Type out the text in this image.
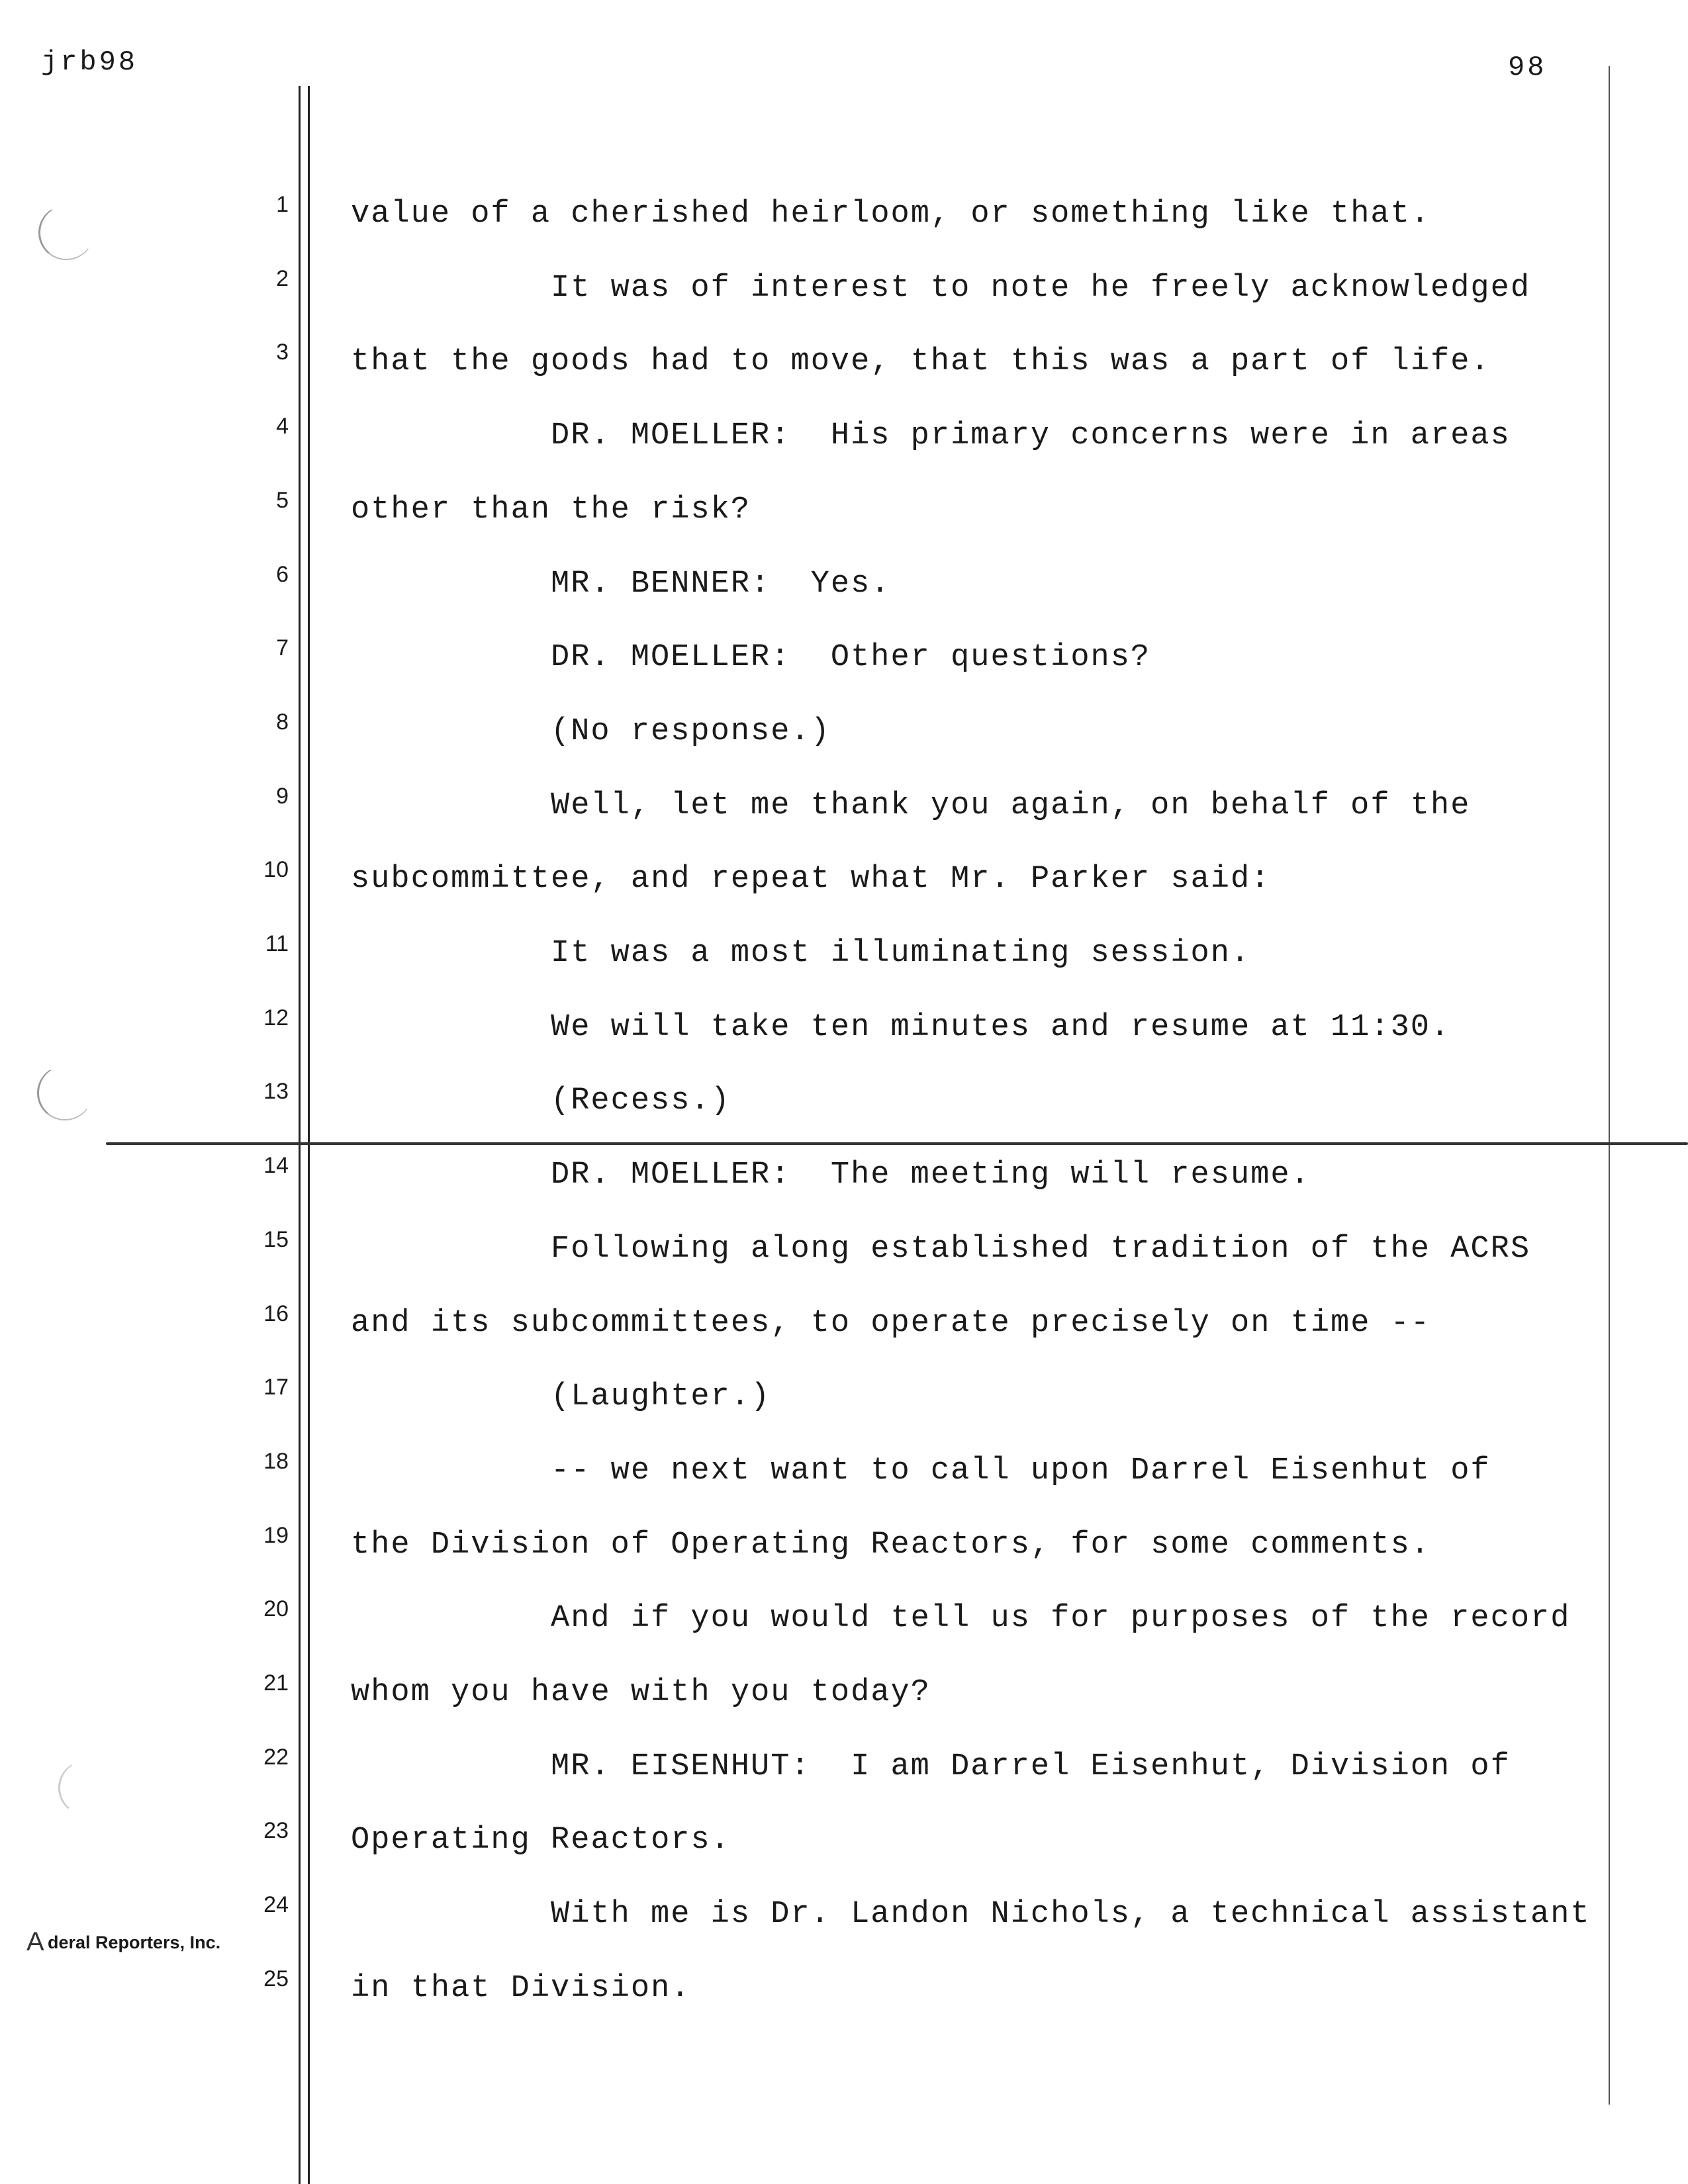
jrb98	98
1
2
3
4
5
6
7
8
9
10
11
12
13
14
15
16
17
18
19
20
21
22
23
24
25
value of a cherished heirloom, or something like that.
It was of interest to note he freely acknowledged
that the goods had to move, that this was a part of life.
DR. MOELLER:  His primary concerns were in areas
other than the risk?
MR. BENNER:  Yes.
DR. MOELLER:  Other questions?
(No response.)
Well, let me thank you again, on behalf of the
subcommittee, and repeat what Mr. Parker said:
It was a most illuminating session.
We will take ten minutes and resume at 11:30.
(Recess.)
DR. MOELLER:  The meeting will resume.
Following along established tradition of the ACRS
and its subcommittees, to operate precisely on time --
(Laughter.)
-- we next want to call upon Darrel Eisenhut of
the Division of Operating Reactors, for some comments.
And if you would tell us for purposes of the record
whom you have with you today?
MR. EISENHUT:  I am Darrel Eisenhut, Division of
Operating Reactors.
With me is Dr. Landon Nichols, a technical assistant
in that Division.
A deral Reporters, Inc.
